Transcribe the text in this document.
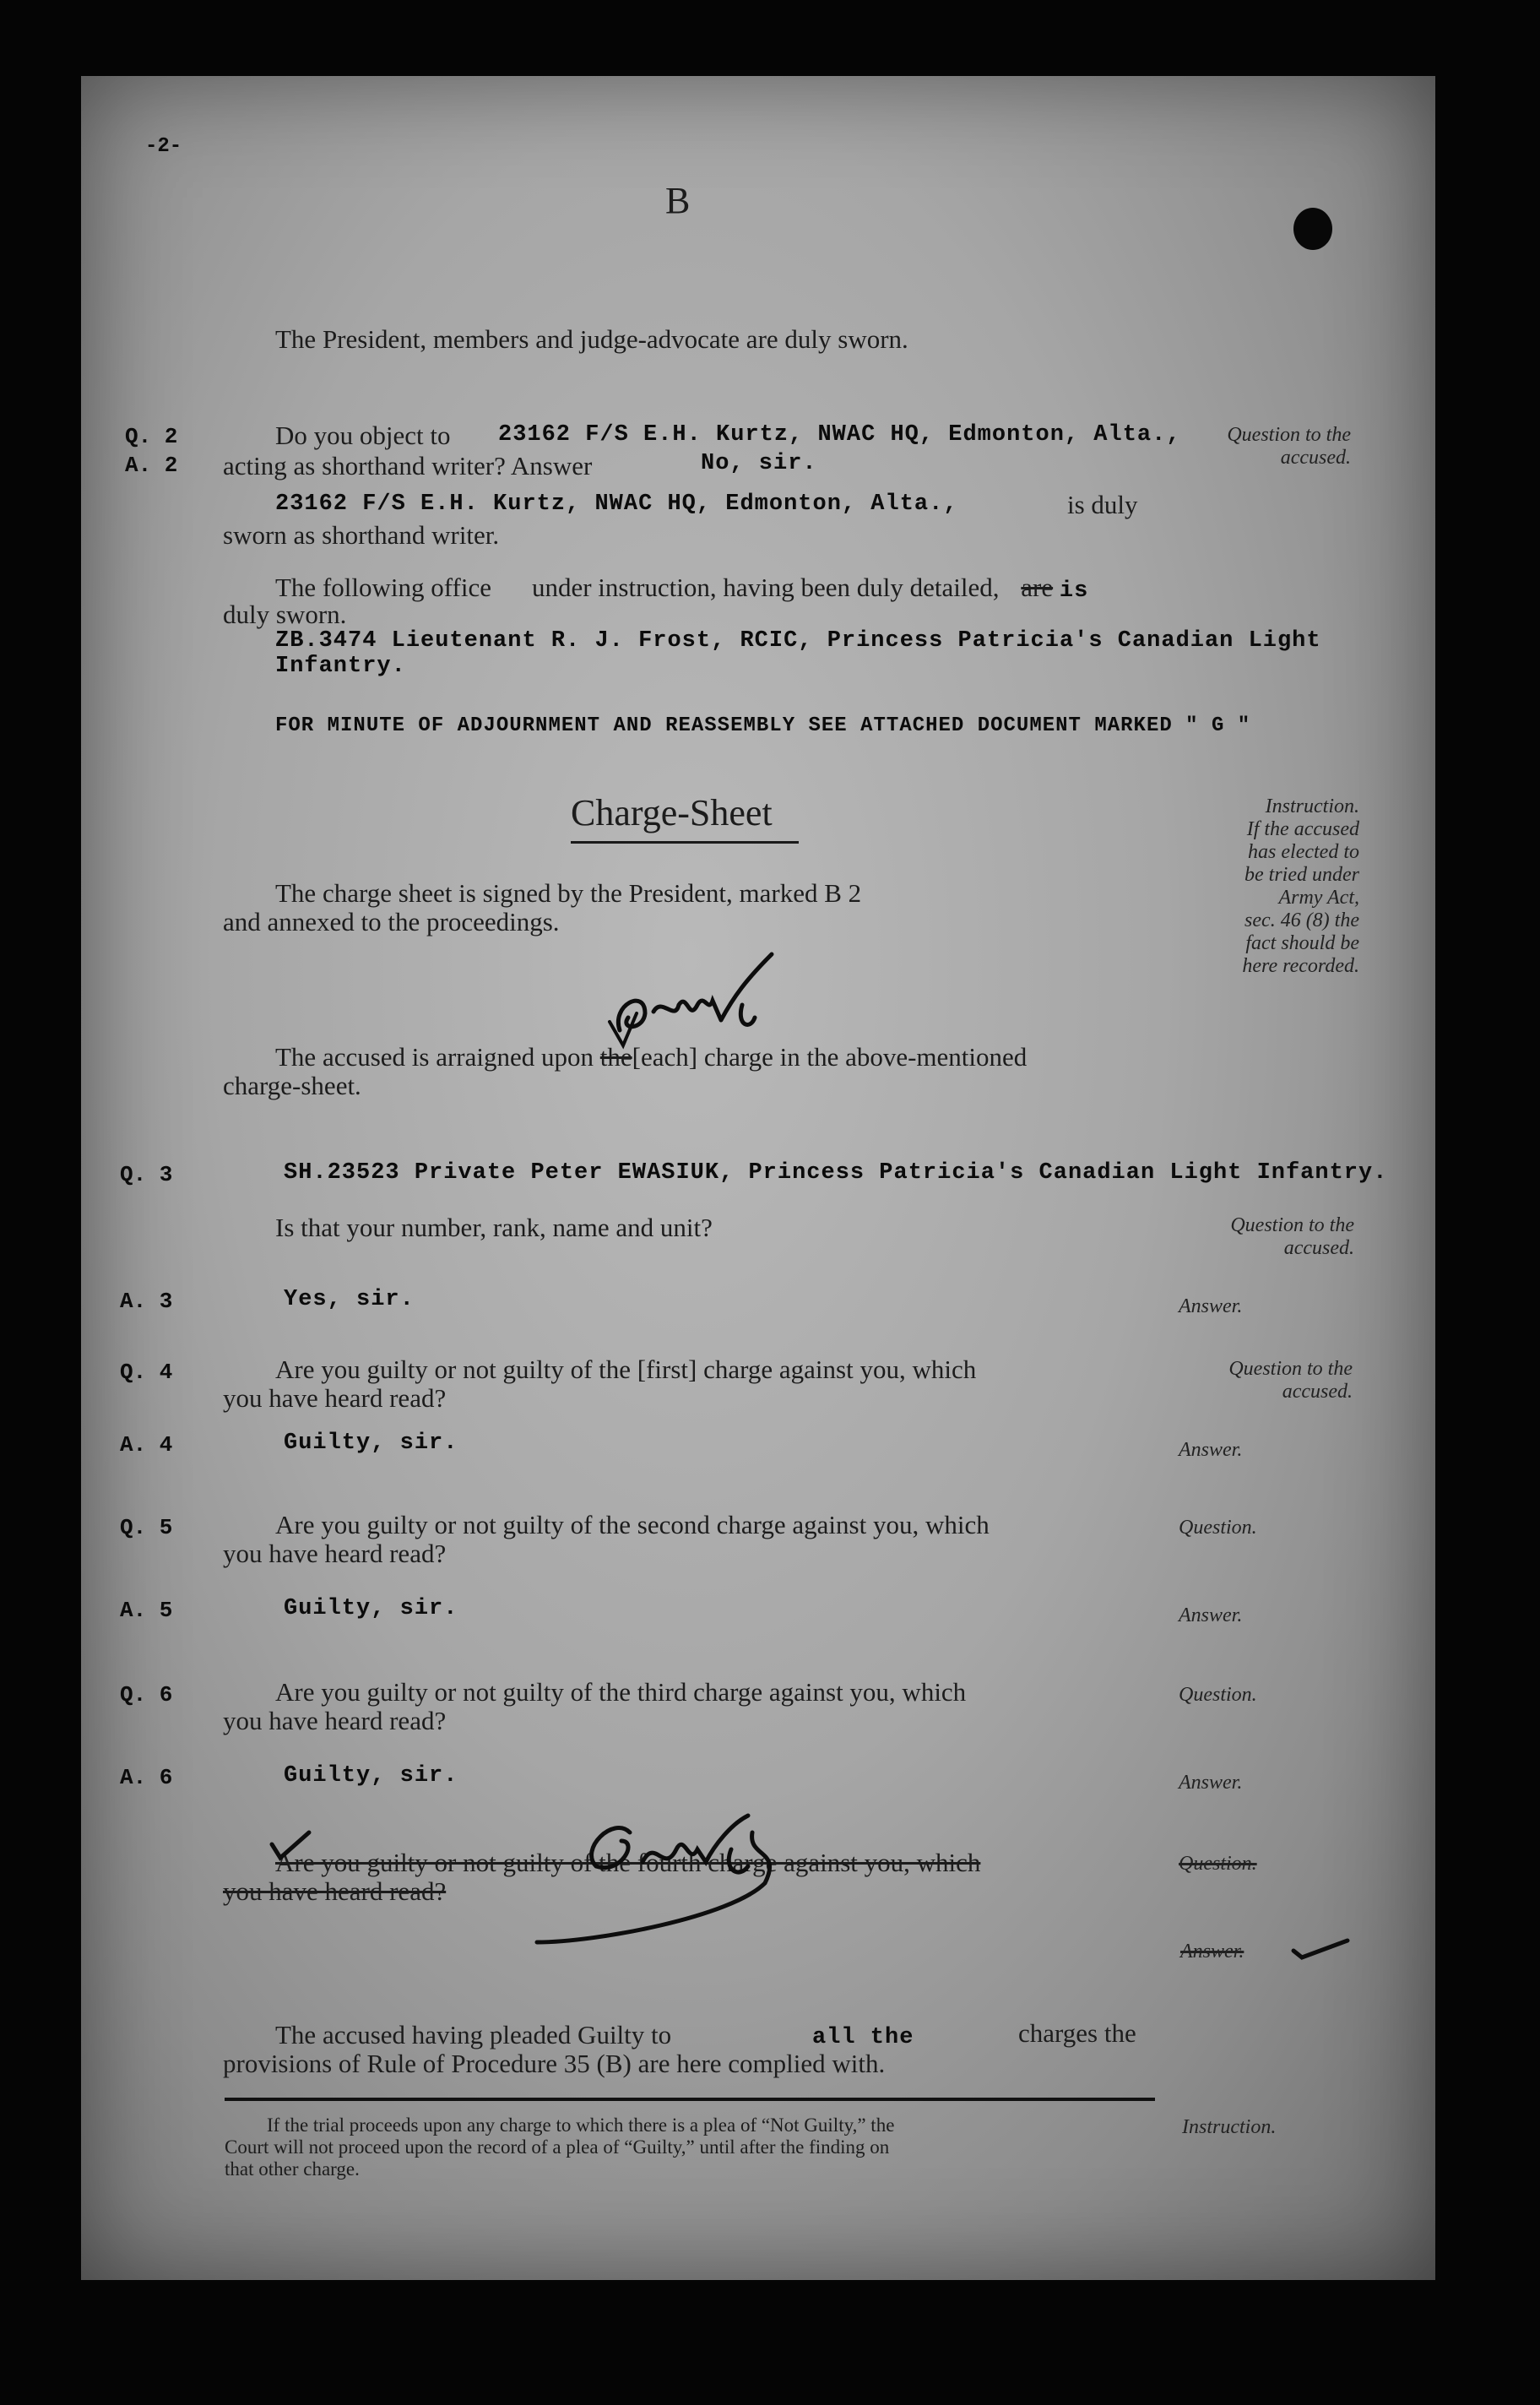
-2-
B
The President, members and judge-advocate are duly sworn.
Q. 2
A. 2
Do you object to 23162 F/S E.H. Kurtz, NWAC HQ, Edmonton, Alta.,
acting as shorthand writer? Answer	No, sir.
Question to the accused.
23162 F/S E.H. Kurtz, NWAC HQ, Edmonton, Alta.,	is duly
sworn as shorthand writer.
The following office under instruction, having been duly detailed, are is
duly sworn.
ZB.3474 Lieutenant R. J. Frost, RCIC, Princess Patricia's Canadian Light
Infantry.
FOR MINUTE OF ADJOURNMENT AND REASSEMBLY SEE ATTACHED DOCUMENT MARKED " G "
Charge-Sheet
The charge sheet is signed by the President, marked B 2
and annexed to the proceedings.
Instruction.
If the accused
has elected to
be tried under
Army Act,
sec. 46 (8) the
fact should be
here recorded.
The accused is arraigned upon the[each] charge in the above-mentioned
charge-sheet.
Q. 3	SH.23523 Private Peter EWASIUK, Princess Patricia's Canadian Light Infantry.
Is that your number, rank, name and unit?	Question to the accused.
A. 3	Yes, sir.	Answer.
Q. 4	Are you guilty or not guilty of the [first] charge against you, which
you have heard read?
Question to the accused.
A. 4	Guilty, sir.	Answer.
Q. 5	Are you guilty or not guilty of the second charge against you, which
you have heard read?
Question.
A. 5	Guilty, sir.	Answer.
Q. 6	Are you guilty or not guilty of the third charge against you, which
you have heard read?
Question.
A. 6	Guilty, sir.	Answer.
Are you guilty or not guilty of the fourth charge against you, which
you have heard read?
Question.
Answer.
The accused having pleaded Guilty to	all the	charges the
provisions of Rule of Procedure 35 (B) are here complied with.
If the trial proceeds upon any charge to which there is a plea of “Not Guilty,” the
Court will not proceed upon the record of a plea of “Guilty,” until after the finding on
that other charge.
Instruction.
